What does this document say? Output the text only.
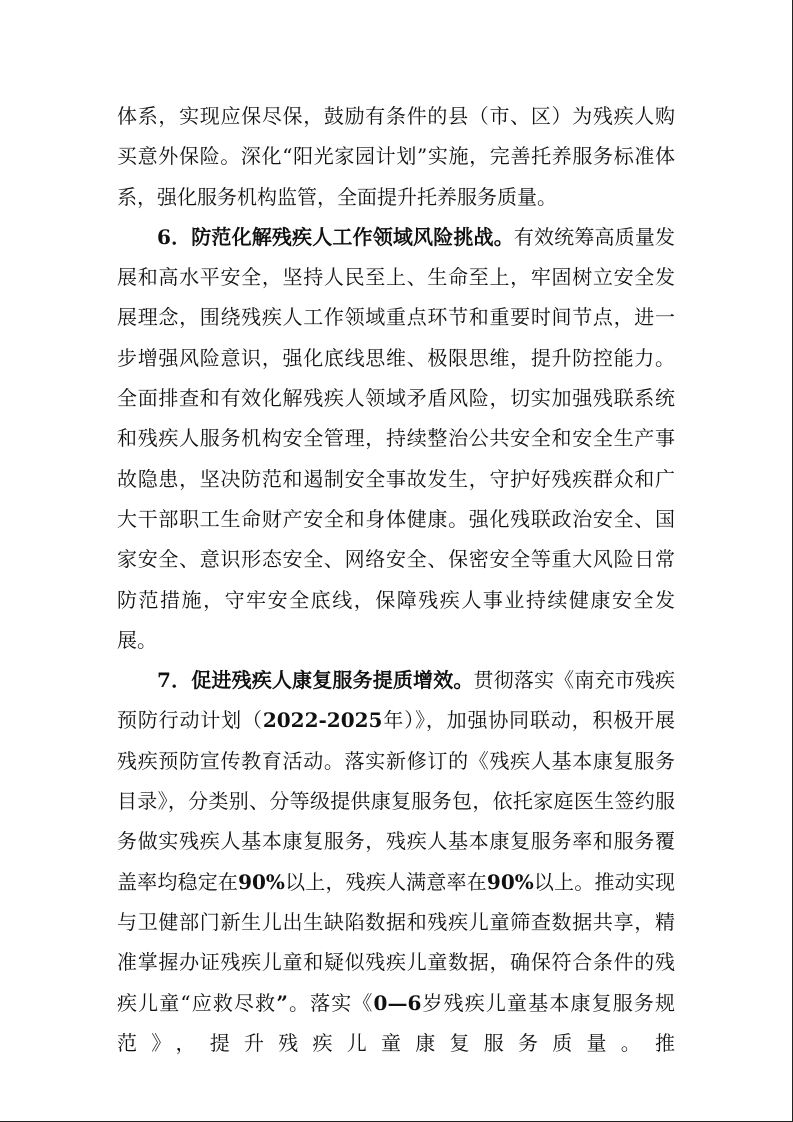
体系，实现应保尽保，鼓励有条件的县（市、区）为残疾人购买意外保险。深化“阳光家园计划”实施，完善托养服务标准体系，强化服务机构监管，全面提升托养服务质量。

6．防范化解残疾人工作领域风险挑战。有效统筹高质量发展和高水平安全，坚持人民至上、生命至上，牢固树立安全发展理念，围绕残疾人工作领域重点环节和重要时间节点，进一步增强风险意识，强化底线思维、极限思维，提升防控能力。全面排查和有效化解残疾人领域矛盾风险，切实加强残联系统和残疾人服务机构安全管理，持续整治公共安全和安全生产事故隐患，坚决防范和遏制安全事故发生，守护好残疾群众和广大干部职工生命财产安全和身体健康。强化残联政治安全、国家安全、意识形态安全、网络安全、保密安全等重大风险日常防范措施，守牢安全底线，保障残疾人事业持续健康安全发展。

7．促进残疾人康复服务提质增效。贯彻落实《南充市残疾预防行动计划（2022-2025年）》，加强协同联动，积极开展残疾预防宣传教育活动。落实新修订的《残疾人基本康复服务目录》，分类别、分等级提供康复服务包，依托家庭医生签约服务做实残疾人基本康复服务，残疾人基本康复服务率和服务覆盖率均稳定在90%以上，残疾人满意率在90%以上。推动实现与卫健部门新生儿出生缺陷数据和残疾儿童筛查数据共享，精准掌握办证残疾儿童和疑似残疾儿童数据，确保符合条件的残疾儿童“应救尽救”。落实《0—6岁残疾儿童基本康复服务规范》，提升残疾儿童康复服务质量。推
